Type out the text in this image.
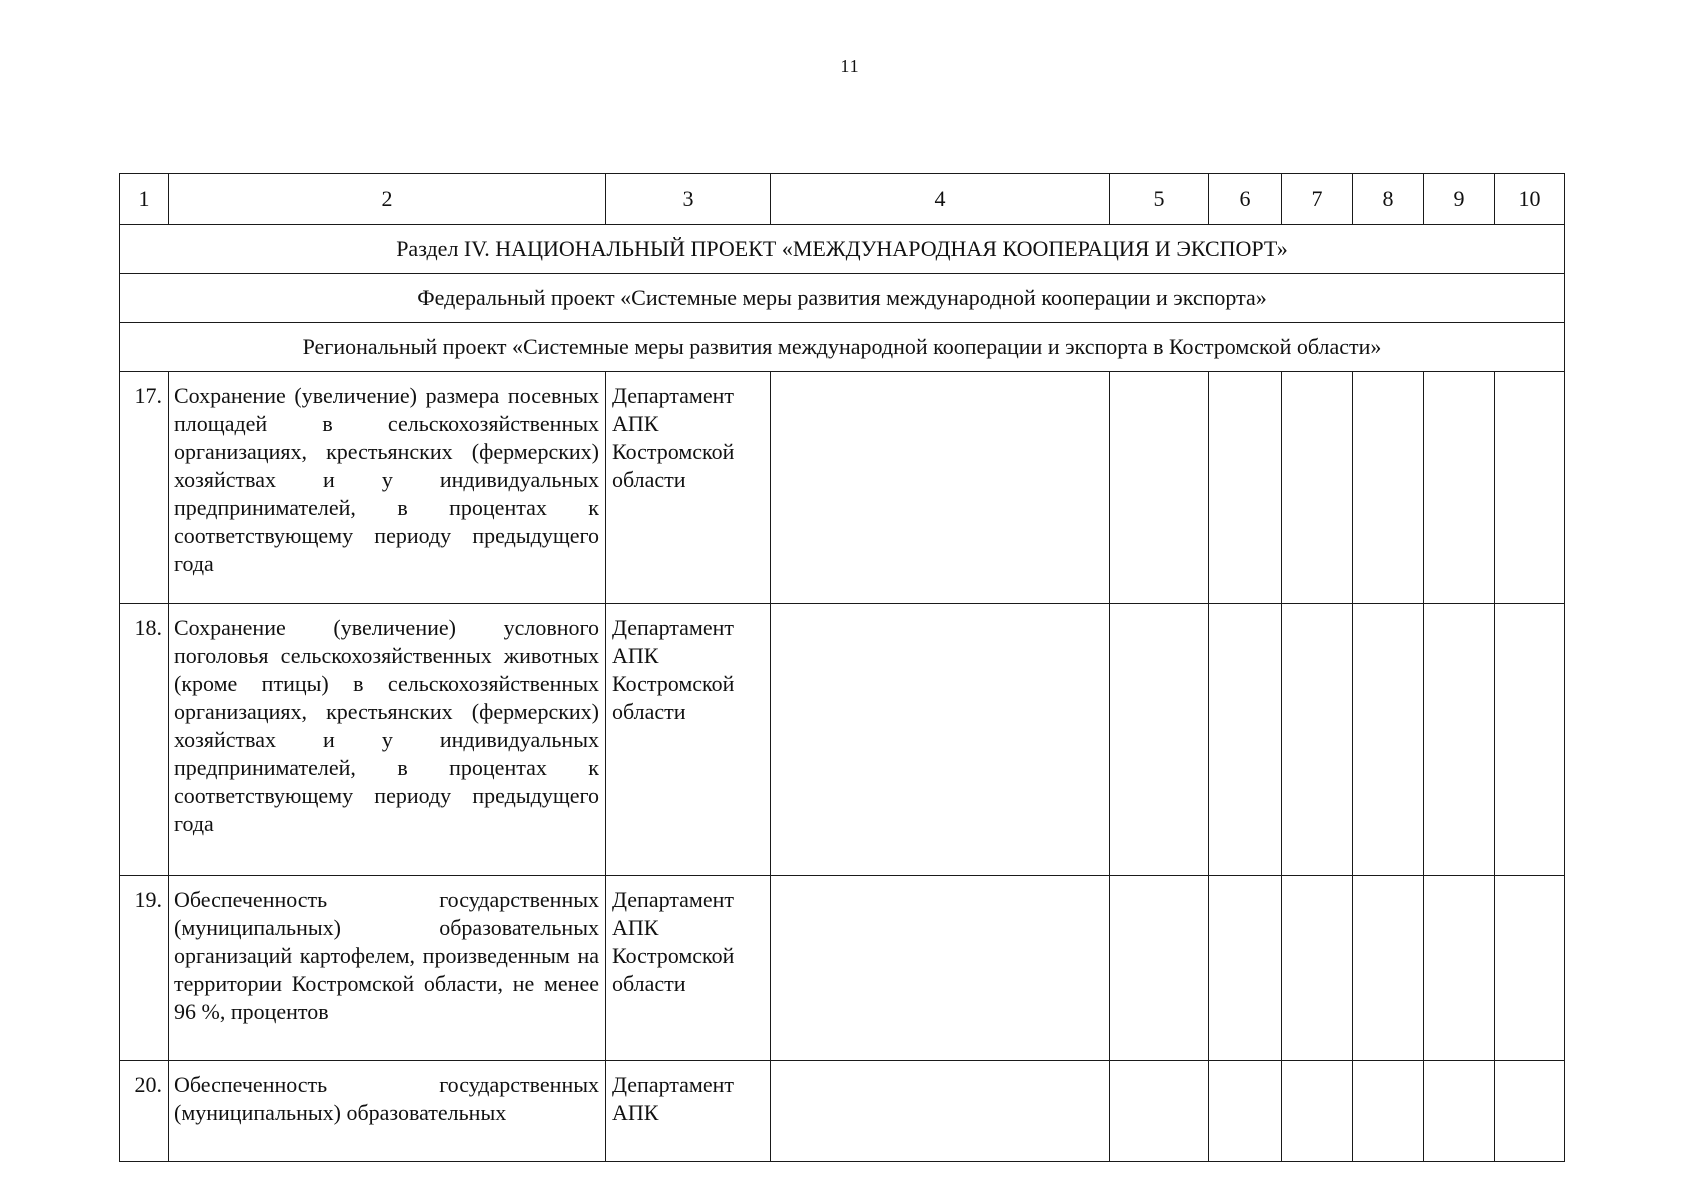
11
1	2	3	4	5	6	7	8	9	10
Раздел IV. НАЦИОНАЛЬНЫЙ ПРОЕКТ «МЕЖДУНАРОДНАЯ КООПЕРАЦИЯ И ЭКСПОРТ»									
Федеральный проект «Системные меры развития международной кооперации и экспорта»									
Региональный проект «Системные меры развития международной кооперации и экспорта в Костромской области»									
17.	Сохранение (увеличение) размера посевных площадей в сельскохозяйственных организациях, крестьянских (фермерских) хозяйствах и у индивидуальных предпринимателей, в процентах к соответствующему периоду предыдущего года	Департамент АПК Костромской области							
18.	Сохранение (увеличение) условного поголовья сельскохозяйственных животных (кроме птицы) в сельскохозяйственных организациях, крестьянских (фермерских) хозяйствах и у индивидуальных предпринимателей, в процентах к соответствующему периоду предыдущего года	Департамент АПК Костромской области							
19.	Обеспеченность государственных (муниципальных) образовательных организаций картофелем, произведенным на территории Костромской области, не менее 96 %, процентов	Департамент АПК Костромской области							
20.	Обеспеченность государственных (муниципальных) образовательных	Департамент АПК							
